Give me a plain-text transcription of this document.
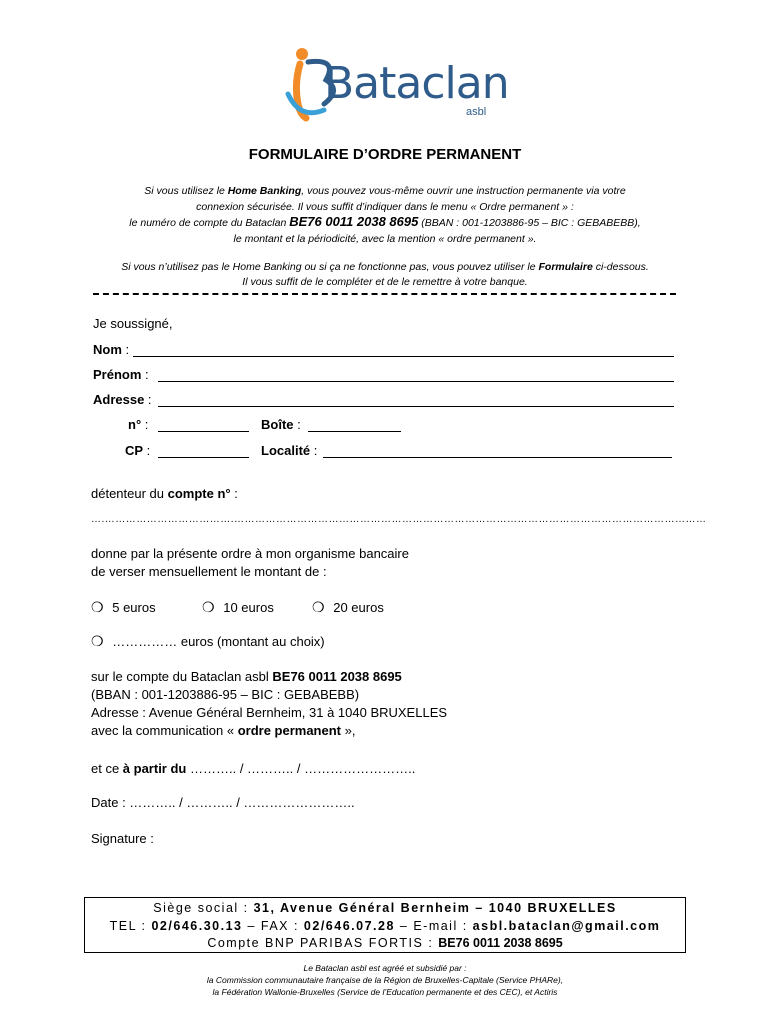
Bataclan
asbl
FORMULAIRE D’ORDRE PERMANENT
Si vous utilisez le Home Banking, vous pouvez vous-même ouvrir une instruction permanente via votre
connexion sécurisée. Il vous suffit d’indiquer dans le menu « Ordre permanent » :
le numéro de compte du Bataclan BE76 0011 2038 8695 (BBAN : 001-1203886-95 – BIC : GEBABEBB),
le montant et la périodicité, avec la mention « ordre permanent ».
Si vous n’utilisez pas le Home Banking ou si ça ne fonctionne pas, vous pouvez utiliser le Formulaire ci-dessous.
Il vous suffit de le compléter et de le remettre à votre banque.
Je soussigné,
Nom :
Prénom :
Adresse :
n° :	Boîte :
CP :	Localité :
détenteur du compte n° :
….……………………………….………………………………………………………………………………………………………………………
donne par la présente ordre à mon organisme bancaire
de verser mensuellement le montant de :
❍ 5 euros	❍ 10 euros	❍ 20 euros
❍ …………… euros (montant au choix)
sur le compte du Bataclan asbl BE76 0011 2038 8695
(BBAN : 001-1203886-95 – BIC : GEBABEBB)
Adresse : Avenue Général Bernheim, 31 à 1040 BRUXELLES
avec la communication « ordre permanent »,
et ce à partir du ……….. / ……….. / ……………………..
Date : ……….. / ……….. / ……………………..
Signature :
Siège social : 31, Avenue Général Bernheim – 1040 BRUXELLES
TEL : 02/646.30.13 – FAX : 02/646.07.28 – E-mail : asbl.bataclan@gmail.com
Compte BNP PARIBAS FORTIS : BE76 0011 2038 8695
Le Bataclan asbl est agréé et subsidié par :
la Commission communautaire française de la Région de Bruxelles-Capitale (Service PHARe),
la Fédération Wallonie-Bruxelles (Service de l’Education permanente et des CEC), et Actiris
